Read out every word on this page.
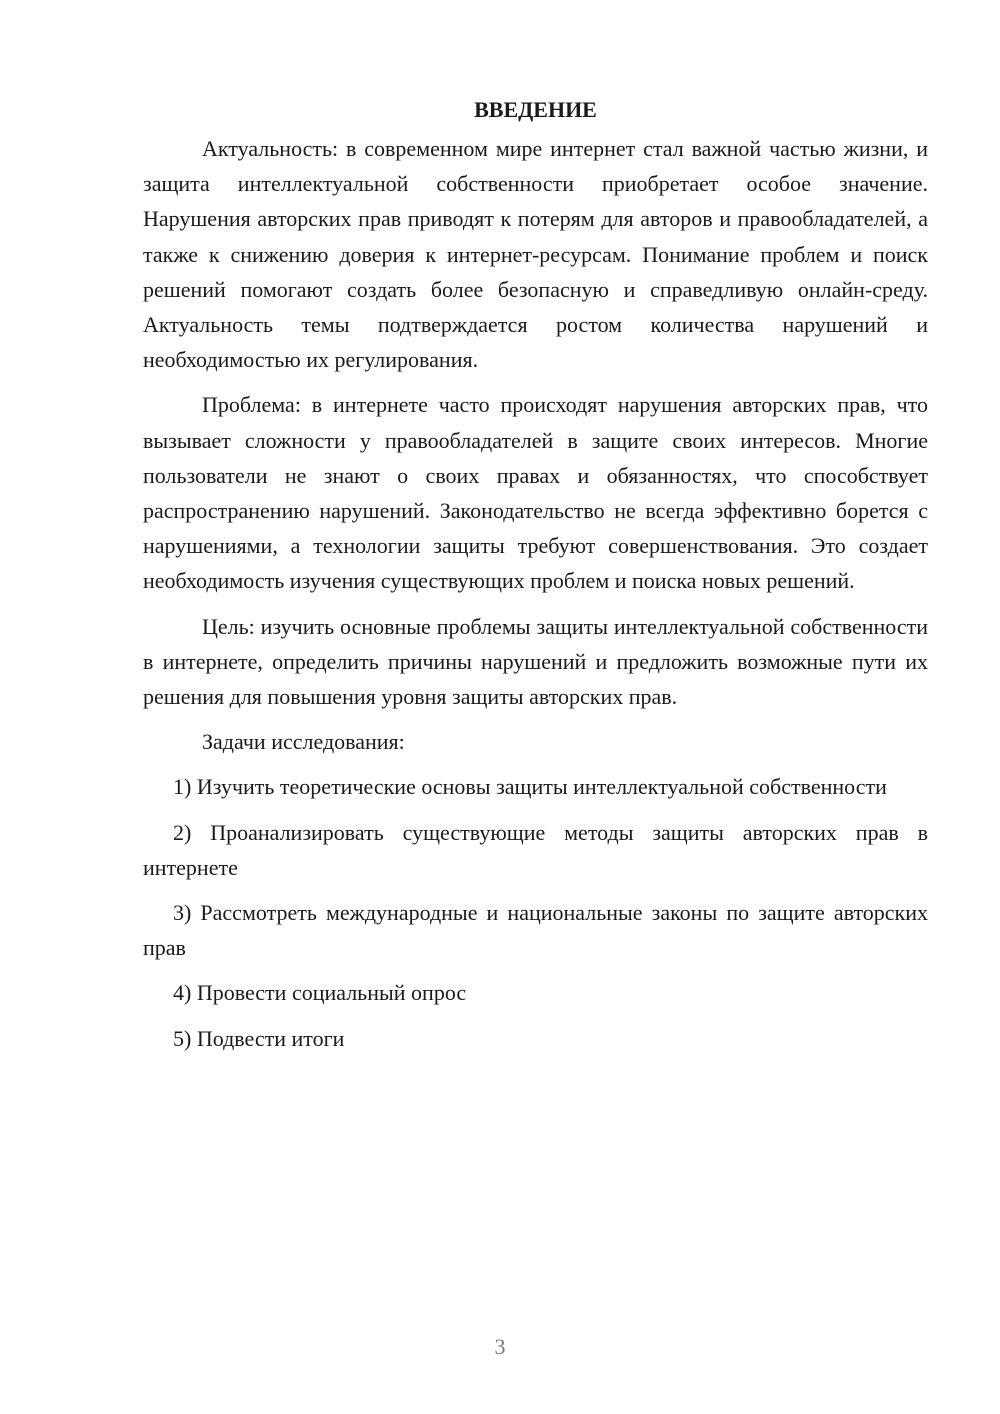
ВВЕДЕНИЕ

Актуальность: в современном мире интернет стал важной частью жизни, и защита интеллектуальной собственности приобретает особое значение. Нарушения авторских прав приводят к потерям для авторов и правообладателей, а также к снижению доверия к интернет-ресурсам. Понимание проблем и поиск решений помогают создать более безопасную и справедливую онлайн-среду. Актуальность темы подтверждается ростом количества нарушений и необходимостью их регулирования.

Проблема: в интернете часто происходят нарушения авторских прав, что вызывает сложности у правообладателей в защите своих интересов. Многие пользователи не знают о своих правах и обязанностях, что способствует распространению нарушений. Законодательство не всегда эффективно борется с нарушениями, а технологии защиты требуют совершенствования. Это создает необходимость изучения существующих проблем и поиска новых решений.

Цель: изучить основные проблемы защиты интеллектуальной собственности в интернете, определить причины нарушений и предложить возможные пути их решения для повышения уровня защиты авторских прав.

Задачи исследования:

1) Изучить теоретические основы защиты интеллектуальной собственности

2) Проанализировать существующие методы защиты авторских прав в интернете

3) Рассмотреть международные и национальные законы по защите авторских прав

4) Провести социальный опрос

5) Подвести итоги

3
